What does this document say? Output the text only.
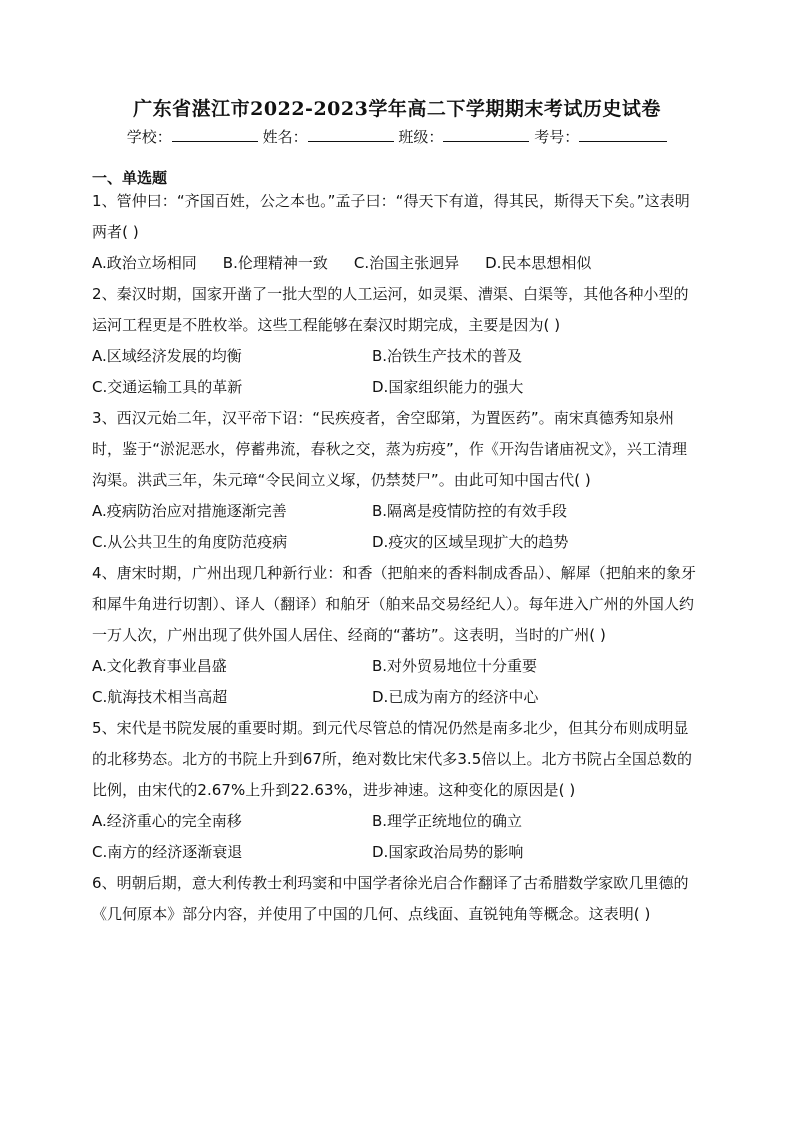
广东省湛江市2022-2023学年高二下学期期末考试历史试卷
学校：	姓名：	班级：	考号：
一、单选题

1、管仲曰：“齐国百姓，公之本也。”孟子曰：“得天下有道，得其民，斯得天下矣。”这表明两者( )

A.政治立场相同 B.伦理精神一致 C.治国主张迥异 D.民本思想相似

2、秦汉时期，国家开凿了一批大型的人工运河，如灵渠、漕渠、白渠等，其他各种小型的运河工程更是不胜枚举。这些工程能够在秦汉时期完成，主要是因为( )

A.区域经济发展的均衡	B.冶铁生产技术的普及
C.交通运输工具的革新	D.国家组织能力的强大

3、西汉元始二年，汉平帝下诏：“民疾疫者，舍空邸第，为置医药”。南宋真德秀知泉州时，鉴于“淤泥恶水，停蓄弗流，春秋之交，蒸为疠疫”，作《开沟告诸庙祝文》，兴工清理沟渠。洪武三年，朱元璋“令民间立义塚，仍禁焚尸”。由此可知中国古代( )

A.疫病防治应对措施逐渐完善	B.隔离是疫情防控的有效手段
C.从公共卫生的角度防范疫病	D.疫灾的区域呈现扩大的趋势

4、唐宋时期，广州出现几种新行业：和香（把舶来的香料制成香品）、解犀（把舶来的象牙和犀牛角进行切割）、译人（翻译）和舶牙（舶来品交易经纪人）。每年进入广州的外国人约一万人次，广州出现了供外国人居住、经商的“蕃坊”。这表明，当时的广州( )

A.文化教育事业昌盛	B.对外贸易地位十分重要
C.航海技术相当高超	D.已成为南方的经济中心

5、宋代是书院发展的重要时期。到元代尽管总的情况仍然是南多北少，但其分布则成明显的北移势态。北方的书院上升到67所，绝对数比宋代多3.5倍以上。北方书院占全国总数的比例，由宋代的2.67%上升到22.63%，进步神速。这种变化的原因是( )

A.经济重心的完全南移	B.理学正统地位的确立
C.南方的经济逐渐衰退	D.国家政治局势的影响

6、明朝后期，意大利传教士利玛窦和中国学者徐光启合作翻译了古希腊数学家欧几里德的《几何原本》部分内容，并使用了中国的几何、点线面、直锐钝角等概念。这表明( )
